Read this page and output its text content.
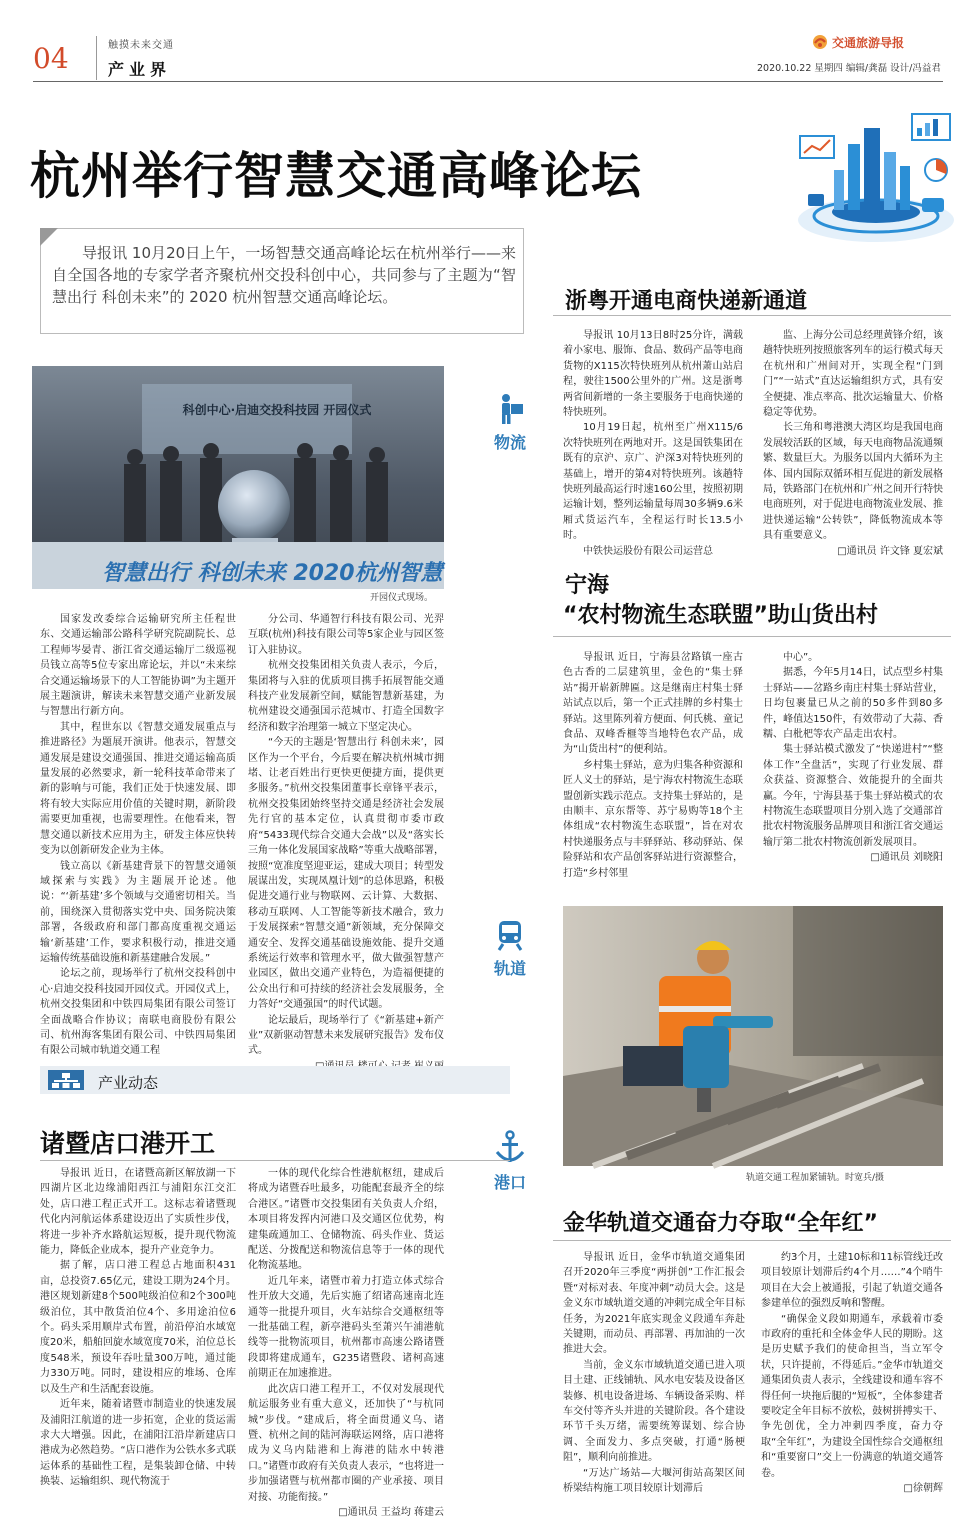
04	触摸未来交通
产业界
交通旅游导报
2020.10.22 星期四 编辑/龚磊 设计/冯益君
杭州举行智慧交通高峰论坛
导报讯 10月20日上午，一场智慧交通高峰论坛在杭州举行——来自全国各地的专家学者齐聚杭州交投科创中心，共同参与了主题为“智慧出行 科创未来”的 2020 杭州智慧交通高峰论坛。
科创中心·启迪交投科技园 开园仪式
智慧出行 科创未来 2020杭州智慧
开园仪式现场。

国家发改委综合运输研究所主任程世东、交通运输部公路科学研究院副院长、总工程师岑晏青、浙江省交通运输厅二级巡视员钱立高等5位专家出席论坛，并以“未来综合交通运输场景下的人工智能协调”为主题开展主题演讲，解读未来智慧交通产业新发展与智慧出行新方向。

其中，程世东以《智慧交通发展重点与推进路径》为题展开演讲。他表示，智慧交通发展是建设交通强国、推进交通运输高质量发展的必然要求，新一轮科技革命带来了新的影响与可能，我们正处于快速发展、即将有较大实际应用价值的关键时期，新阶段需要更加重视，也需要理性。在他看来，智慧交通以新技术应用为主，研发主体应快转变为以创新研发企业为主体。

钱立高以《新基建背景下的智慧交通领域探索与实践》为主题展开论述。他说：“‘新基建’多个领域与交通密切相关。当前，围绕深入贯彻落实党中央、国务院决策部署，各级政府和部门都高度重视交通运输‘新基建’工作，要求积极行动，推进交通运输传统基础设施和新基建融合发展。”

论坛之前，现场举行了杭州交投科创中心·启迪交投科技园开园仪式。开园仪式上，杭州交投集团和中铁四局集团有限公司签订全面战略合作协议；南联电商股份有限公司、杭州海客集团有限公司、中铁四局集团有限公司城市轨道交通工程

分公司、华通智行科技有限公司、光羿互联(杭州)科技有限公司等5家企业与园区签订入驻协议。

杭州交投集团相关负责人表示，今后，集团将与入驻的优质项目携手拓展智能交通科技产业发展新空间，赋能智慧新基建，为杭州建设交通强国示范城市、打造全国数字经济和数字治理第一城立下坚定决心。

“今天的主题是‘智慧出行 科创未来’，园区作为一个平台，今后要在解决杭州城市拥堵、让老百姓出行更快更便捷方面，提供更多服务。”杭州交投集团董事长章锋平表示，杭州交投集团始终坚持交通是经济社会发展先行官的基本定位，认真贯彻市委市政府“5433现代综合交通大会战”以及“落实长三角一体化发展国家战略”等重大战略部署，按照“宽准度坚迎亚运，建成大项目；转型发展谋出发，实现凤凰计划”的总体思路，积极促进交通行业与物联网、云计算、大数据、移动互联网、人工智能等新技术融合，致力于发展探索“智慧交通”新领域，充分保障交通安全、发挥交通基础设施效能、提升交通系统运行效率和管理水平，做大做强智慧产业园区，做出交通产业特色，为造福便捷的公众出行和可持续的经济社会发展服务，全力答好“交通强国”的时代试题。

论坛最后，现场举行了《“新基建+新产业”双新驱动智慧未来发展研究报告》发布仪式。

物流
轨道
港口
浙粤开通电商快递新通道

导报讯 10月13日8时25分许，满载着小家电、服饰、食品、数码产品等电商货物的X115次特快班列从杭州萧山站启程，驶往1500公里外的广州。这是浙粤两省间新增的一条主要服务于电商快递的特快班列。

10月19日起，杭州至广州X115/6次特快班列在两地对开。这是国铁集团在既有的京沪、京广、沪深3对特快班列的基础上，增开的第4对特快班列。该趟特快班列最高运行时速160公里，按照初期运输计划，整列运输量每周30多辆9.6米厢式货运汽车，全程运行时长13.5小时。

中铁快运股份有限公司运营总

监、上海分公司总经理黄锋介绍，该趟特快班列按照旅客列车的运行模式每天在杭州和广州间对开，实现全程“门到门”“一站式”直达运输组织方式，具有安全便捷、准点率高、批次运输量大、价格稳定等优势。

长三角和粤港澳大湾区均是我国电商发展较活跃的区域，每天电商物品流通频繁、数量巨大。为服务以国内大循环为主体、国内国际双循环相互促进的新发展格局，铁路部门在杭州和广州之间开行特快电商班列，对于促进电商物流业发展、推进快递运输“公转铁”，降低物流成本等具有重要意义。

□通讯员 许文锋 夏宏斌

宁海
“农村物流生态联盟”助山货出村

导报讯 近日，宁海县岔路镇一座古色古香的二层建筑里，金色的“集士驿站”揭开崭新牌匾。这是继南庄村集士驿站试点以后，第一个正式挂牌的乡村集士驿站。这里陈列着方便面、何氏桃、童记食品、双峰香榧等当地特色农产品，成为“山货出村”的便利站。

乡村集士驿站，意为归集各种资源和匠人义士的驿站，是宁海农村物流生态联盟创新实践示范点。支持集士驿站的，是由顺丰、京东帮等、苏宁易购等18个主体组成“农村物流生态联盟”，旨在对农村快递服务点与丰驿驿站、移动驿站、保险驿站和农产品创客驿站进行资源整合，打造“乡村邻里

中心”。

据悉，今年5月14日，试点型乡村集士驿站——岔路乡南庄村集士驿站营业，日均包裹量已从之前的50多件到80多件，峰值达150件，有效带动了大蒜、香糯、白枇杷等农产品走出农村。

集士驿站模式激发了“快递进村”“整体工作”全盘活”，实现了行业发展、群众获益、资源整合、效能提升的全面共赢。今年，宁海县基于集士驿站模式的农村物流生态联盟项目分别入选了交通部首批农村物流服务品牌项目和浙江省交通运输厅第二批农村物流创新发展项目。

□通讯员 刘晓阳

轨道交通工程加紧铺轨。时宽兵/摄
金华轨道交通奋力夺取“全年红”

导报讯 近日，金华市轨道交通集团召开2020年三季度“两拼创”工作汇报会暨“对标对表、年度冲刺”动员大会。这是金义东市域轨道交通的冲刺完成全年目标任务，为2021年底实现金义段通车奔赴关键期，而动员、再部署、再加油的一次推进大会。

当前，金义东市域轨道交通已进入项目土建、正线铺轨、风水电安装及设备区装修、机电设备进场、车辆设备采购、样车交付等齐头并进的关键阶段。各个建设环节千头万绪，需要统筹谋划、综合协调、全面发力、多点突破，打通“肠梗阻”，顺利向前推进。

“万达广场站—大堰河街站高架区间桥梁结构施工项目较原计划滞后

约3个月，土建10标和11标管线迁改项目较原计划滞后约4个月……”4个哨牛项目在大会上被通报，引起了轨道交通各参建单位的强烈反响和警醒。

“确保金义段如期通车，承载着市委市政府的重托和全体金华人民的期盼。这是历史赋予我们的使命担当，当立军令状，只许提前，不得延后。”金华市轨道交通集团负责人表示，全线建设和通车容不得任何一块拖后腿的“短板”，全体参建者要咬定全年目标不放松，鼓树拼搏实干、争先创优，全力冲刺四季度，奋力夺取“全年红”，为建设全国性综合交通枢纽和“重要窗口”交上一份满意的轨道交通答卷。

□徐朝辉

产业动态
诸暨店口港开工

导报讯 近日，在诸暨高新区解放湖一下四湖片区北边缘浦阳西江与浦阳东江交汇处，店口港工程正式开工。这标志着诸暨现代化内河航运体系建设迈出了实质性步伐，将进一步补齐水路航运短板，提升现代物流能力，降低企业成本，提升产业竞争力。

据了解，店口港工程总占地面积431亩，总投资7.65亿元，建设工期为24个月。港区规划新建8个500吨级泊位和2个300吨级泊位，其中散货泊位4个、多用途泊位6个。码头采用顺岸式布置，前沿停泊水域宽度20米，船舶回旋水域宽度70米，泊位总长度548米，预设年吞吐量300万吨，通过能力330万吨。同时，建设相应的堆场、仓库以及生产和生活配套设施。

近年来，随着诸暨市制造业的快速发展及浦阳江航道的进一步拓宽，企业的货运需求大大增强。因此，在浦阳江沿岸新建店口港成为必然趋势。“店口港作为公铁水多式联运体系的基础性工程，是集装卸仓储、中转换装、运输组织、现代物流于

一体的现代化综合性港航枢纽，建成后将成为诸暨吞吐最多，功能配套最齐全的综合港区。”诸暨市交投集团有关负责人介绍，本项目将发挥内河港口及交通区位优势，构建集疏通加工、仓储物流、码头作业、货运配送、分拨配送和物流信息等于一体的现代化物流基地。

近几年来，诸暨市着力打造立体式综合性开放大交通，先后实施了绍诸高速南北连通等一批提升项目，火车站综合交通枢纽等一批基础工程，新亭港码头至萧兴午浦港航线等一批物流项目，杭州都市高速公路诸暨段即将建成通车，G235诸暨段、诸柯高速前期正在加速推进。

此次店口港工程开工，不仅对发展现代航运服务业有重大意义，还加快了“与杭同城”步伐。“建成后，将全面贯通义乌、诸暨、杭州之间的陆河海联运网络，店口港将成为义乌内陆港和上海港的陆水中转港口。”诸暨市政府有关负责人表示，“也将进一步加强诸暨与杭州都市圈的产业承接、项目对接、功能衔接。”

□通讯员 王益均 蒋建云
